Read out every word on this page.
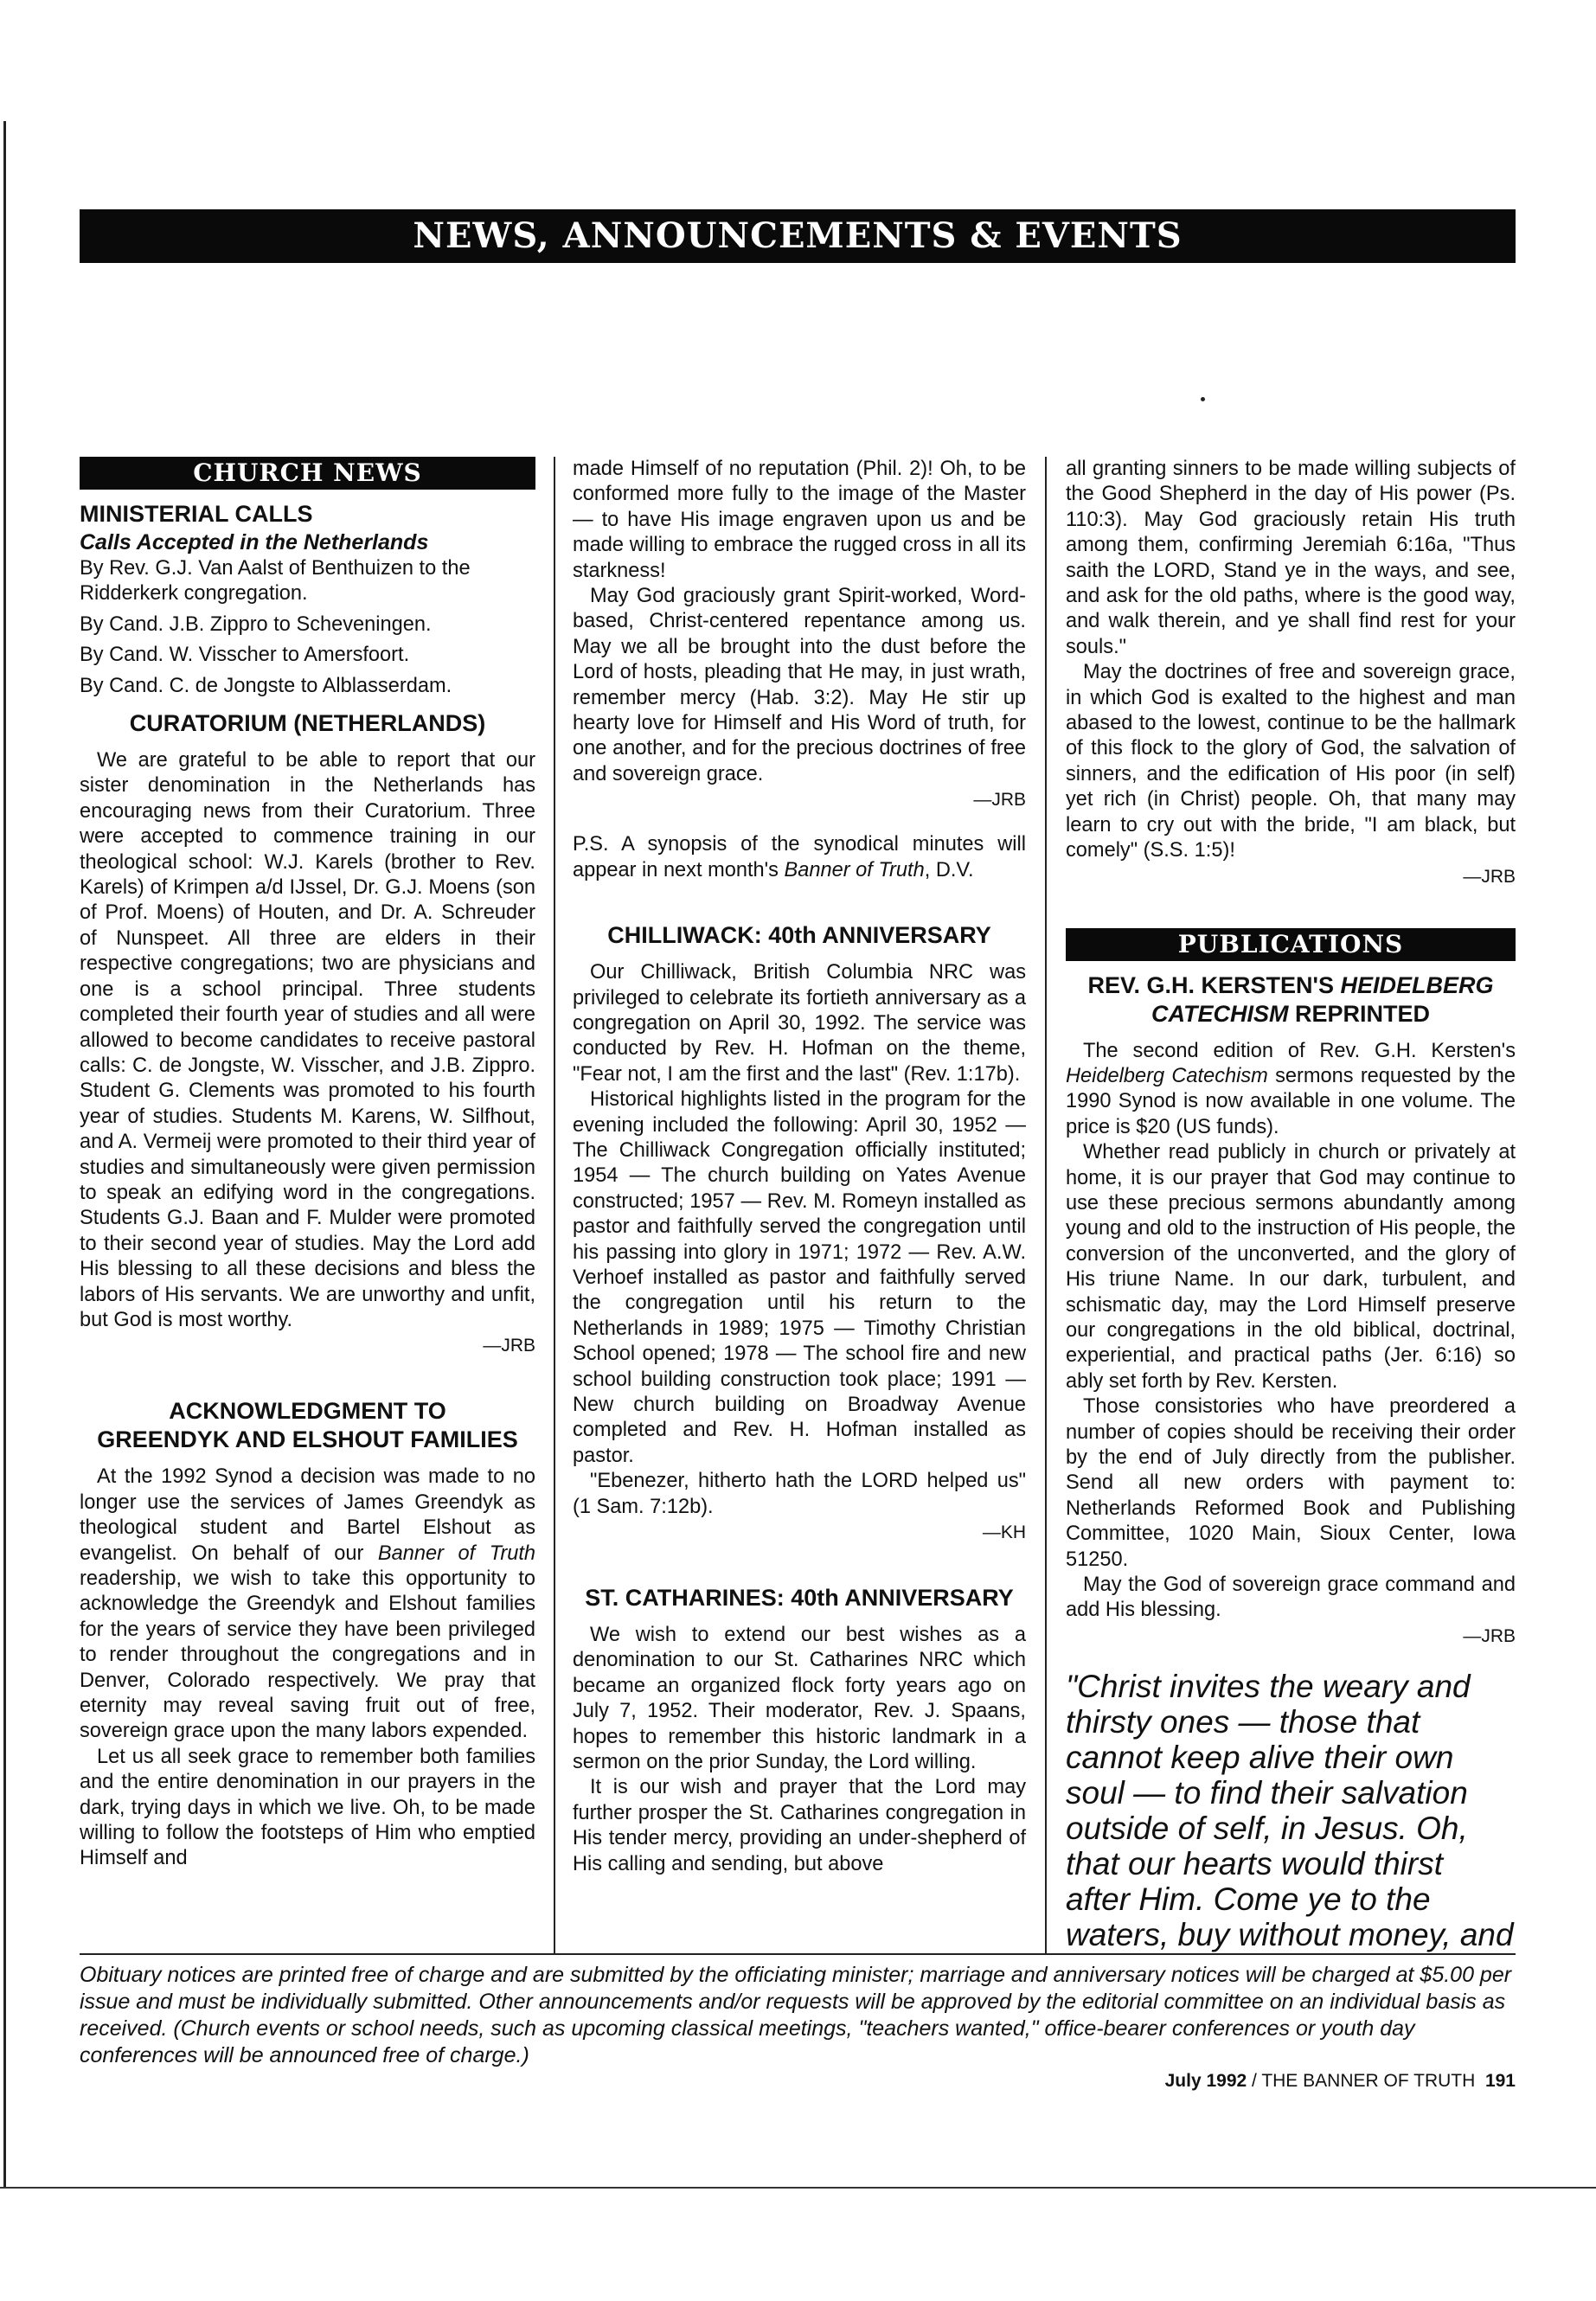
NEWS, ANNOUNCEMENTS & EVENTS
CHURCH NEWS
MINISTERIAL CALLS
Calls Accepted in the Netherlands

By Rev. G.J. Van Aalst of Benthuizen to the Ridderkerk congregation.

By Cand. J.B. Zippro to Scheveningen.

By Cand. W. Visscher to Amersfoort.

By Cand. C. de Jongste to Alblasserdam.

CURATORIUM (NETHERLANDS)

We are grateful to be able to report that our sister denomination in the Netherlands has encouraging news from their Curatorium. Three were accepted to commence training in our theological school: W.J. Karels (brother to Rev. Karels) of Krimpen a/d IJssel, Dr. G.J. Moens (son of Prof. Moens) of Houten, and Dr. A. Schreuder of Nunspeet. All three are elders in their respective congregations; two are physicians and one is a school principal. Three students completed their fourth year of studies and all were allowed to become candidates to receive pastoral calls: C. de Jongste, W. Visscher, and J.B. Zippro. Student G. Clements was promoted to his fourth year of studies. Students M. Karens, W. Silfhout, and A. Vermeij were promoted to their third year of studies and simultaneously were given permission to speak an edifying word in the congregations. Students G.J. Baan and F. Mulder were promoted to their second year of studies. May the Lord add His blessing to all these decisions and bless the labors of His servants. We are unworthy and unfit, but God is most worthy.

—JRB
ACKNOWLEDGMENT TO
GREENDYK AND ELSHOUT FAMILIES

At the 1992 Synod a decision was made to no longer use the services of James Greendyk as theological student and Bartel Elshout as evangelist. On behalf of our Banner of Truth readership, we wish to take this opportunity to acknowledge the Greendyk and Elshout families for the years of service they have been privileged to render throughout the congregations and in Denver, Colorado respectively. We pray that eternity may reveal saving fruit out of free, sovereign grace upon the many labors expended.

Let us all seek grace to remember both families and the entire denomination in our prayers in the dark, trying days in which we live. Oh, to be made willing to follow the footsteps of Him who emptied Himself and

made Himself of no reputation (Phil. 2)! Oh, to be conformed more fully to the image of the Master — to have His image engraven upon us and be made willing to embrace the rugged cross in all its starkness!

May God graciously grant Spirit-worked, Word-based, Christ-centered repentance among us. May we all be brought into the dust before the Lord of hosts, pleading that He may, in just wrath, remember mercy (Hab. 3:2). May He stir up hearty love for Himself and His Word of truth, for one another, and for the precious doctrines of free and sovereign grace.

—JRB

P.S. A synopsis of the synodical minutes will appear in next month's Banner of Truth, D.V.

CHILLIWACK: 40th ANNIVERSARY

Our Chilliwack, British Columbia NRC was privileged to celebrate its fortieth anniversary as a congregation on April 30, 1992. The service was conducted by Rev. H. Hofman on the theme, "Fear not, I am the first and the last" (Rev. 1:17b).

Historical highlights listed in the program for the evening included the following: April 30, 1952 — The Chilliwack Congregation officially instituted; 1954 — The church building on Yates Avenue constructed; 1957 — Rev. M. Romeyn installed as pastor and faithfully served the congregation until his passing into glory in 1971; 1972 — Rev. A.W. Verhoef installed as pastor and faithfully served the congregation until his return to the Netherlands in 1989; 1975 — Timothy Christian School opened; 1978 — The school fire and new school building construction took place; 1991 — New church building on Broadway Avenue completed and Rev. H. Hofman installed as pastor.

"Ebenezer, hitherto hath the LORD helped us" (1 Sam. 7:12b).

—KH
ST. CATHARINES: 40th ANNIVERSARY

We wish to extend our best wishes as a denomination to our St. Catharines NRC which became an organized flock forty years ago on July 7, 1952. Their moderator, Rev. J. Spaans, hopes to remember this historic landmark in a sermon on the prior Sunday, the Lord willing.

It is our wish and prayer that the Lord may further prosper the St. Catharines congregation in His tender mercy, providing an under-shepherd of His calling and sending, but above

all granting sinners to be made willing subjects of the Good Shepherd in the day of His power (Ps. 110:3). May God graciously retain His truth among them, confirming Jeremiah 6:16a, "Thus saith the LORD, Stand ye in the ways, and see, and ask for the old paths, where is the good way, and walk therein, and ye shall find rest for your souls."

May the doctrines of free and sovereign grace, in which God is exalted to the highest and man abased to the lowest, continue to be the hallmark of this flock to the glory of God, the salvation of sinners, and the edification of His poor (in self) yet rich (in Christ) people. Oh, that many may learn to cry out with the bride, "I am black, but comely" (S.S. 1:5)!

—JRB
PUBLICATIONS
REV. G.H. KERSTEN'S HEIDELBERG
CATECHISM REPRINTED

The second edition of Rev. G.H. Kersten's Heidelberg Catechism sermons requested by the 1990 Synod is now available in one volume. The price is $20 (US funds).

Whether read publicly in church or privately at home, it is our prayer that God may continue to use these precious sermons abundantly among young and old to the instruction of His people, the conversion of the unconverted, and the glory of His triune Name. In our dark, turbulent, and schismatic day, may the Lord Himself preserve our congregations in the old biblical, doctrinal, experiential, and practical paths (Jer. 6:16) so ably set forth by Rev. Kersten.

Those consistories who have preordered a number of copies should be receiving their order by the end of July directly from the publisher. Send all new orders with payment to: Netherlands Reformed Book and Publishing Committee, 1020 Main, Sioux Center, Iowa 51250.

May the God of sovereign grace command and add His blessing.

—JRB
"Christ invites the weary and thirsty ones — those that cannot keep alive their own soul — to find their salvation outside of self, in Jesus. Oh, that our hearts would thirst after Him. Come ye to the waters, buy without money, and
Obituary notices are printed free of charge and are submitted by the officiating minister; marriage and anniversary notices will be charged at $5.00 per issue and must be individually submitted. Other announcements and/or requests will be approved by the editorial committee on an individual basis as received. (Church events or school needs, such as upcoming classical meetings, "teachers wanted," office-bearer conferences or youth day conferences will be announced free of charge.)
July 1992 / THE BANNER OF TRUTH 191
